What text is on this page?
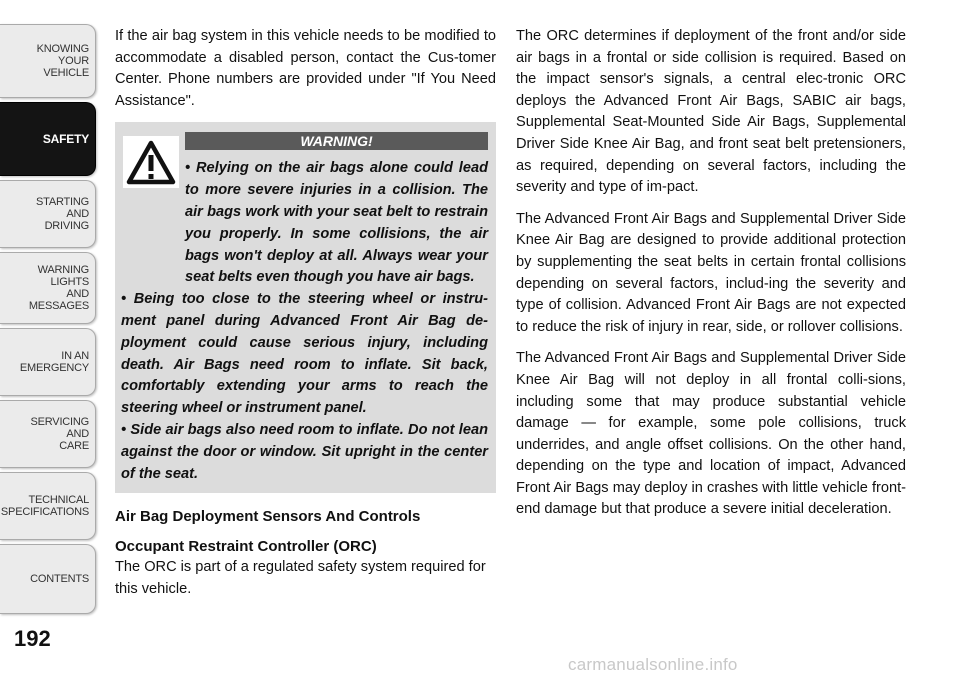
KNOWING
YOUR
VEHICLE
SAFETY
STARTING
AND
DRIVING
WARNING
LIGHTS
AND
MESSAGES
IN AN
EMERGENCY
SERVICING
AND
CARE
TECHNICAL
SPECIFICATIONS
CONTENTS
192

If the air bag system in this vehicle needs to be modified to accommodate a disabled person, contact the Cus-tomer Center. Phone numbers are provided under "If You Need Assistance".

WARNING!
• Relying on the air bags alone could lead to more severe injuries in a collision. The air bags work with your seat belt to restrain you properly. In some collisions, the air bags won't deploy at all. Always wear your seat belts even though you have air bags.
• Being too close to the steering wheel or instru-ment panel during Advanced Front Air Bag de-ployment could cause serious injury, including death. Air Bags need room to inflate. Sit back, comfortably extending your arms to reach the steering wheel or instrument panel.
• Side air bags also need room to inflate. Do not lean against the door or window. Sit upright in the center of the seat.
Air Bag Deployment Sensors And Controls
Occupant Restraint Controller (ORC)

The ORC is part of a regulated safety system required for this vehicle.

The ORC determines if deployment of the front and/or side air bags in a frontal or side collision is required. Based on the impact sensor's signals, a central elec-tronic ORC deploys the Advanced Front Air Bags, SABIC air bags, Supplemental Seat-Mounted Side Air Bags, Supplemental Driver Side Knee Air Bag, and front seat belt pretensioners, as required, depending on several factors, including the severity and type of im-pact.

The Advanced Front Air Bags and Supplemental Driver Side Knee Air Bag are designed to provide additional protection by supplementing the seat belts in certain frontal collisions depending on several factors, includ-ing the severity and type of collision. Advanced Front Air Bags are not expected to reduce the risk of injury in rear, side, or rollover collisions.

The Advanced Front Air Bags and Supplemental Driver Side Knee Air Bag will not deploy in all frontal colli-sions, including some that may produce substantial vehicle damage — for example, some pole collisions, truck underrides, and angle offset collisions. On the other hand, depending on the type and location of impact, Advanced Front Air Bags may deploy in crashes with little vehicle front-end damage but that produce a severe initial deceleration.

carmanualsonline.info
